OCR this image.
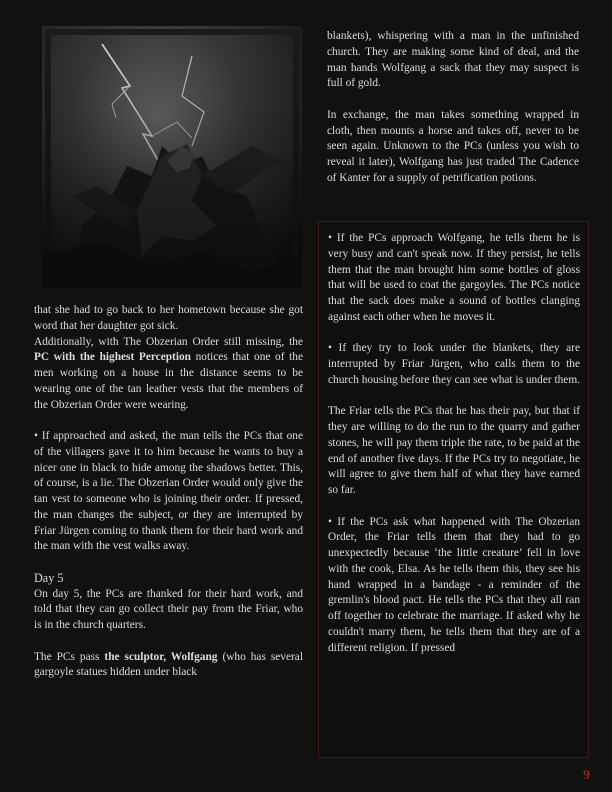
that she had to go back to her hometown because she got word that her daughter got sick.

Additionally, with The Obzerian Order still missing, the PC with the highest Perception notices that one of the men working on a house in the distance seems to be wearing one of the tan leather vests that the members of the Obzerian Order were wearing.

• If approached and asked, the man tells the PCs that one of the villagers gave it to him because he wants to buy a nicer one in black to hide among the shadows better. This, of course, is a lie. The Obzerian Order would only give the tan vest to someone who is joining their order. If pressed, the man changes the subject, or they are interrupted by Friar Jürgen coming to thank them for their hard work and the man with the vest walks away.

Day 5

On day 5, the PCs are thanked for their hard work, and told that they can go collect their pay from the Friar, who is in the church quarters.

The PCs pass the sculptor, Wolfgang (who has several gargoyle statues hidden under black

blankets), whispering with a man in the unfinished church. They are making some kind of deal, and the man hands Wolfgang a sack that they may suspect is full of gold.

In exchange, the man takes something wrapped in cloth, then mounts a horse and takes off, never to be seen again. Unknown to the PCs (unless you wish to reveal it later), Wolfgang has just traded The Cadence of Kanter for a supply of petrification potions.

• If the PCs approach Wolfgang, he tells them he is very busy and can't speak now. If they persist, he tells them that the man brought him some bottles of gloss that will be used to coat the gargoyles. The PCs notice that the sack does make a sound of bottles clanging against each other when he moves it.

• If they try to look under the blankets, they are interrupted by Friar Jürgen, who calls them to the church housing before they can see what is under them.

The Friar tells the PCs that he has their pay, but that if they are willing to do the run to the quarry and gather stones, he will pay them triple the rate, to be paid at the end of another five days. If the PCs try to negotiate, he will agree to give them half of what they have earned so far.

• If the PCs ask what happened with The Obzerian Order, the Friar tells them that they had to go unexpectedly because ‘the little creature’ fell in love with the cook, Elsa. As he tells them this, they see his hand wrapped in a bandage - a reminder of the gremlin's blood pact. He tells the PCs that they all ran off together to celebrate the marriage. If asked why he couldn't marry them, he tells them that they are of a different religion. If pressed

9
